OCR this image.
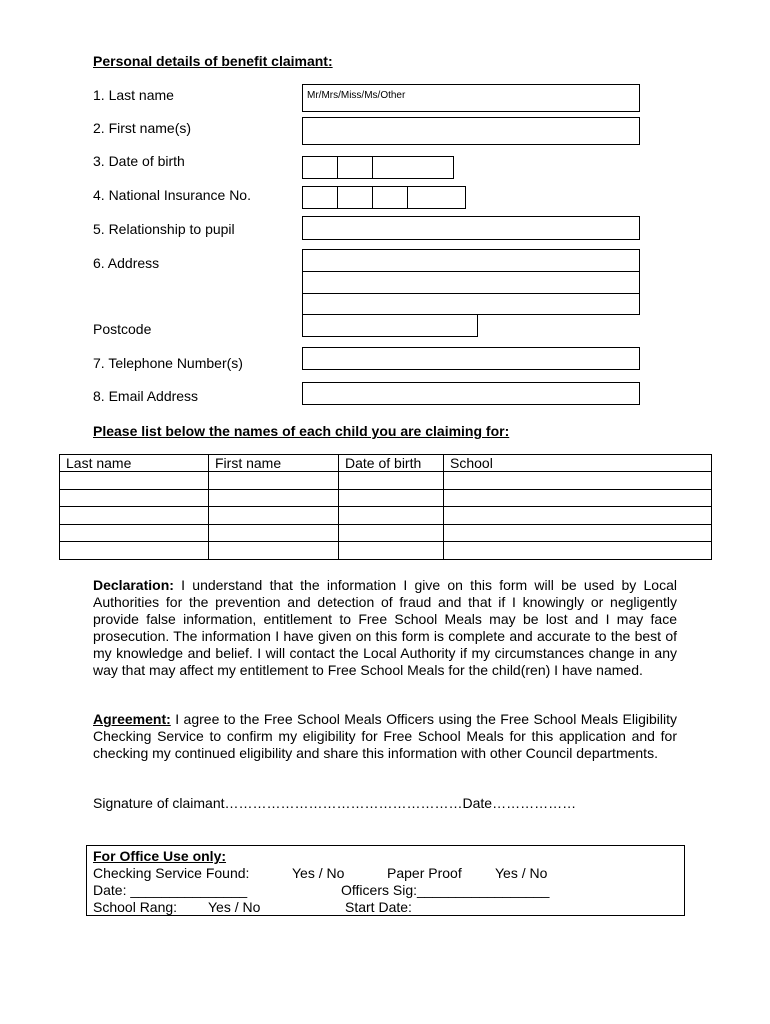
Personal details of benefit claimant:
1. Last name
Mr/Mrs/Miss/Ms/Other
2. First name(s)
3. Date of birth
4. National Insurance No.
5. Relationship to pupil
6. Address
Postcode
7. Telephone Number(s)
8. Email Address
Please list below the names of each child you are claiming for:
Last name	First name	Date of birth	School

Declaration: I understand that the information I give on this form will be used by Local Authorities for the prevention and detection of fraud and that if I knowingly or negligently provide false information, entitlement to Free School Meals may be lost and I may face prosecution. The information I have given on this form is complete and accurate to the best of my knowledge and belief. I will contact the Local Authority if my circumstances change in any way that may affect my entitlement to Free School Meals for the child(ren) I have named.
Agreement: I agree to the Free School Meals Officers using the Free School Meals Eligibility Checking Service to confirm my eligibility for Free School Meals for this application and for checking my continued eligibility and share this information with other Council departments.
Signature of claimant……………………………………………Date………………
For Office Use only:
Checking Service Found:	Yes / No	Paper Proof Yes / No
Date: _______________	Officers Sig:_________________
School Rang: Yes / No	Start Date:
